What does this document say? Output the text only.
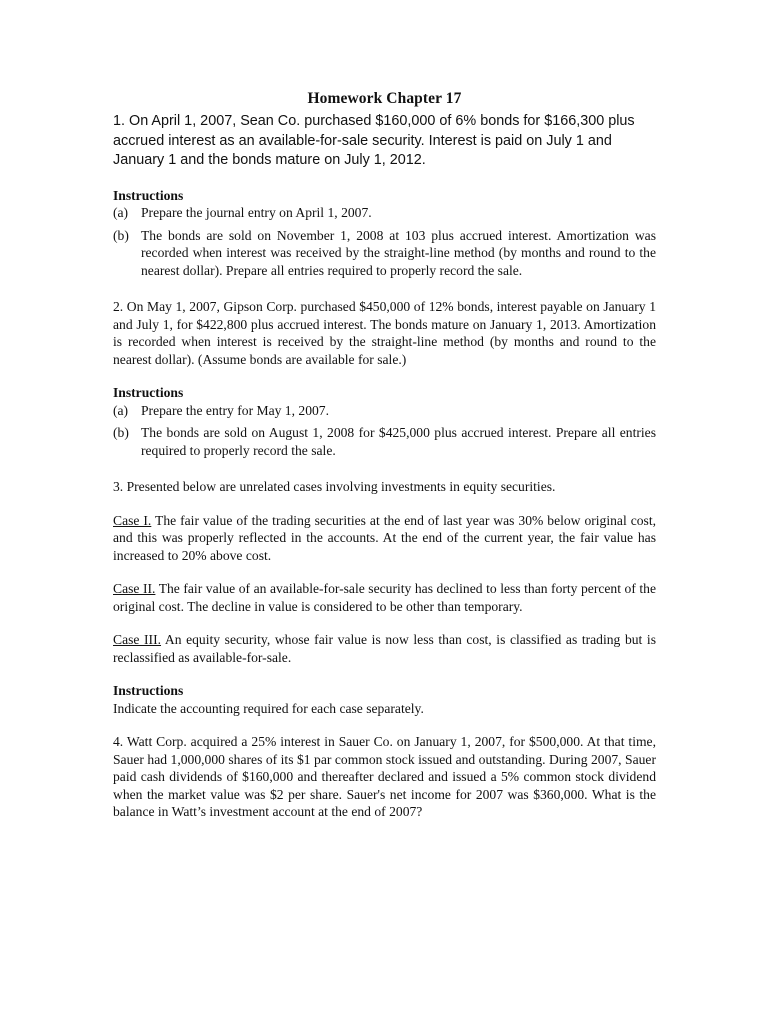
Homework Chapter 17

1. On April 1, 2007, Sean Co. purchased $160,000 of 6% bonds for $166,300 plus accrued interest as an available-for-sale security. Interest is paid on July 1 and January 1 and the bonds mature on July 1, 2012.

Instructions

(a) Prepare the journal entry on April 1, 2007.
(b) The bonds are sold on November 1, 2008 at 103 plus accrued interest. Amortization was recorded when interest was received by the straight-line method (by months and round to the nearest dollar). Prepare all entries required to properly record the sale.

2. On May 1, 2007, Gipson Corp. purchased $450,000 of 12% bonds, interest payable on January 1 and July 1, for $422,800 plus accrued interest. The bonds mature on January 1, 2013. Amortization is recorded when interest is received by the straight-line method (by months and round to the nearest dollar). (Assume bonds are available for sale.)

Instructions

(a) Prepare the entry for May 1, 2007.
(b) The bonds are sold on August 1, 2008 for $425,000 plus accrued interest. Prepare all entries required to properly record the sale.

3. Presented below are unrelated cases involving investments in equity securities.

Case I. The fair value of the trading securities at the end of last year was 30% below original cost, and this was properly reflected in the accounts. At the end of the current year, the fair value has increased to 20% above cost.

Case II. The fair value of an available-for-sale security has declined to less than forty percent of the original cost. The decline in value is considered to be other than temporary.

Case III. An equity security, whose fair value is now less than cost, is classified as trading but is reclassified as available-for-sale.

Instructions

Indicate the accounting required for each case separately.

4. Watt Corp. acquired a 25% interest in Sauer Co. on January 1, 2007, for $500,000. At that time, Sauer had 1,000,000 shares of its $1 par common stock issued and outstanding. During 2007, Sauer paid cash dividends of $160,000 and thereafter declared and issued a 5% common stock dividend when the market value was $2 per share. Sauer's net income for 2007 was $360,000. What is the balance in Watt’s investment account at the end of 2007?
